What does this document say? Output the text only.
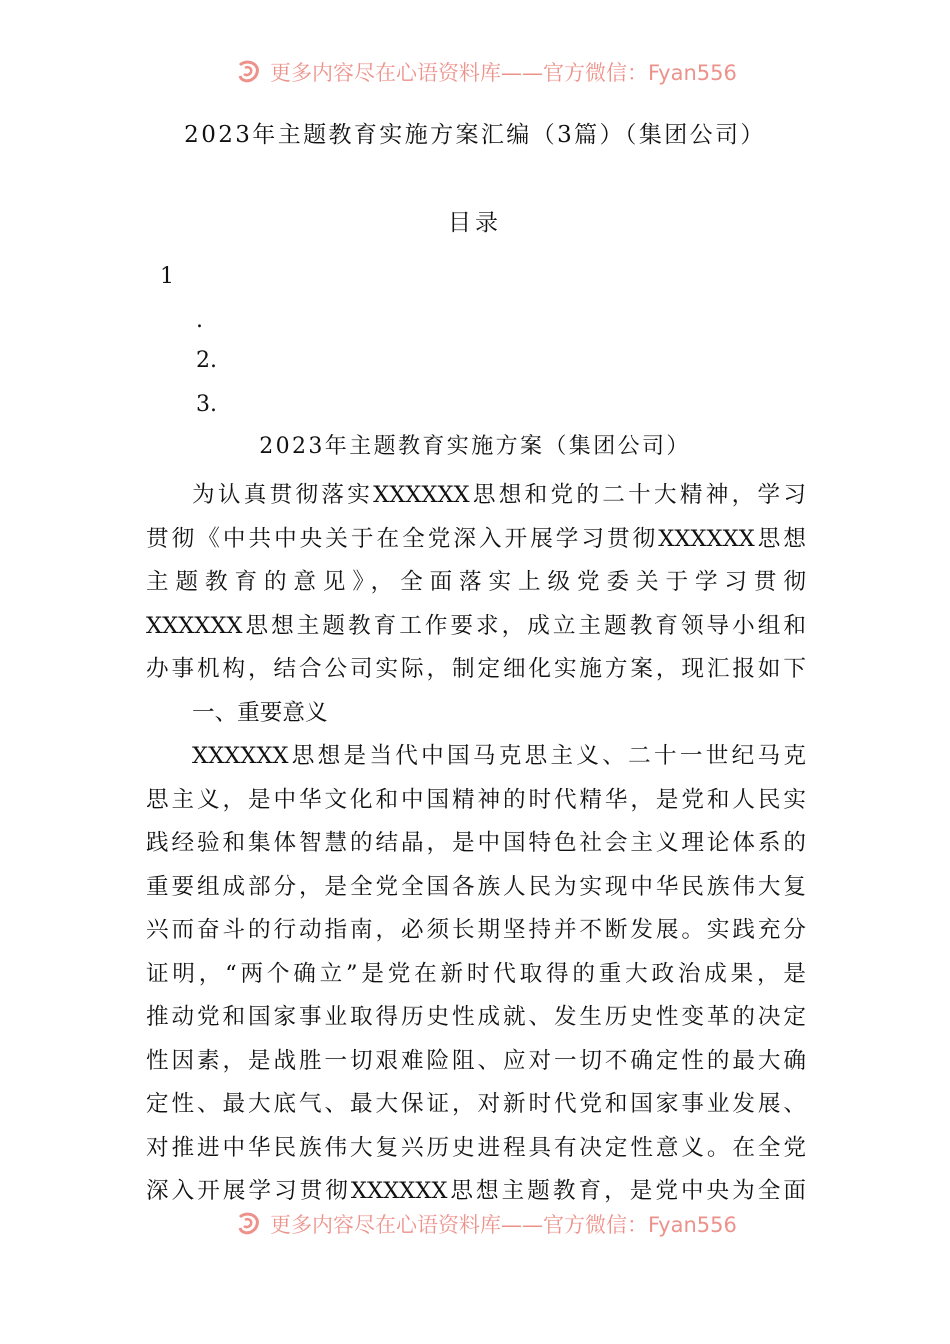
更多内容尽在心语资料库——官方微信：Fyan556
2023年主题教育实施方案汇编（3篇）（集团公司）
目录
1
.
2.
3.
2023年主题教育实施方案（集团公司）
为认真贯彻落实XXXXXX思想和党的二十大精神，学习
贯彻《中共中央关于在全党深入开展学习贯彻XXXXXX思想
主题教育的意见》，全面落实上级党委关于学习贯彻
XXXXXX思想主题教育工作要求，成立主题教育领导小组和
办事机构，结合公司实际，制定细化实施方案，现汇报如下
一、重要意义
XXXXXX思想是当代中国马克思主义、二十一世纪马克
思主义，是中华文化和中国精神的时代精华，是党和人民实
践经验和集体智慧的结晶，是中国特色社会主义理论体系的
重要组成部分，是全党全国各族人民为实现中华民族伟大复
兴而奋斗的行动指南，必须长期坚持并不断发展。实践充分
证明，“两个确立”是党在新时代取得的重大政治成果，是
推动党和国家事业取得历史性成就、发生历史性变革的决定
性因素，是战胜一切艰难险阻、应对一切不确定性的最大确
定性、最大底气、最大保证，对新时代党和国家事业发展、
对推进中华民族伟大复兴历史进程具有决定性意义。在全党
深入开展学习贯彻XXXXXX思想主题教育，是党中央为全面
更多内容尽在心语资料库——官方微信：Fyan556
